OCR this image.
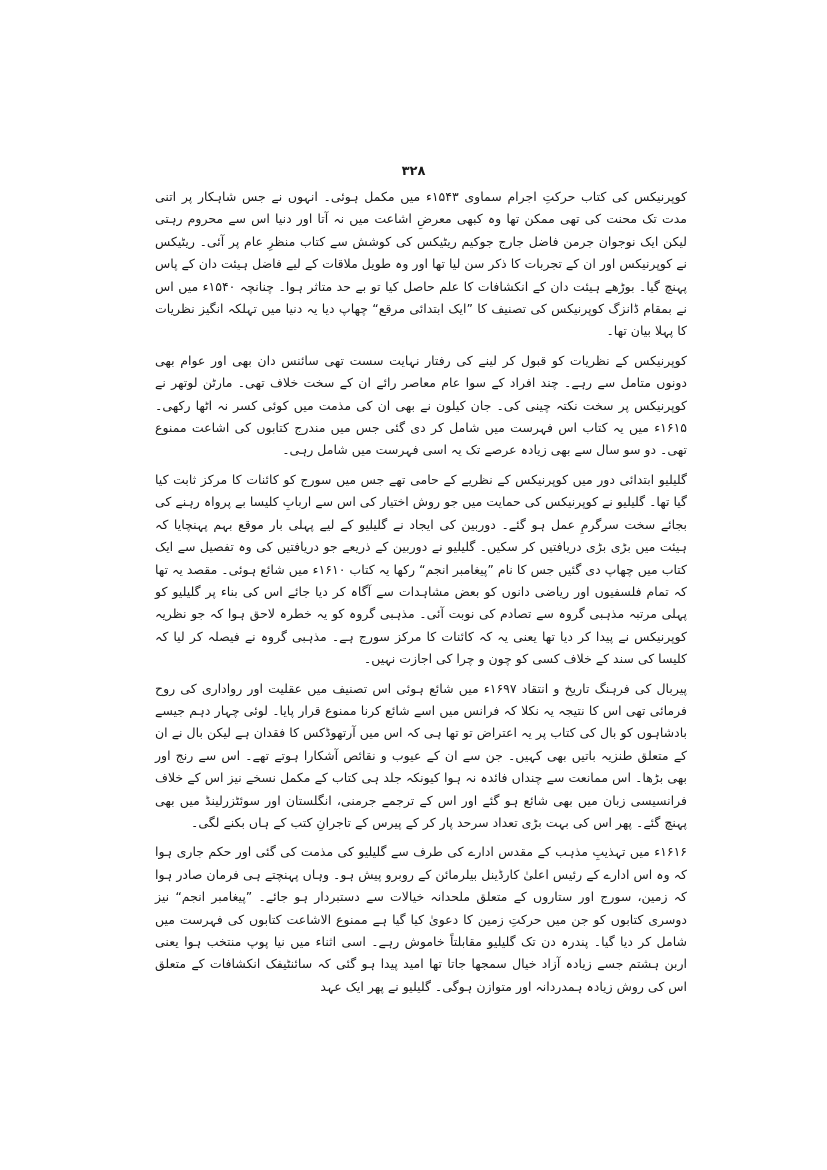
۳۲۸

کوپرنیکس کی کتاب حرکتِ اجرام سماوی ۱۵۴۳ء میں مکمل ہوئی۔ انہوں نے جس شاہکار پر اتنی مدت تک محنت کی تھی ممکن تھا وہ کبھی معرضِ اشاعت میں نہ آتا اور دنیا اس سے محروم رہتی لیکن ایک نوجوان جرمن فاضل جارج جوکیم ریٹیکس کی کوشش سے کتاب منظرِ عام پر آئی۔ ریٹیکس نے کوپرنیکس اور ان کے تجربات کا ذکر سن لیا تھا اور وہ طویل ملاقات کے لیے فاضل ہیئت دان کے پاس پہنچ گیا۔ بوڑھے ہیئت دان کے انکشافات کا علم حاصل کیا تو بے حد متاثر ہوا۔ چنانچہ ۱۵۴۰ء میں اس نے بمقام ڈانزگ کوپرنیکس کی تصنیف کا ”ایک ابتدائی مرقع“ چھاپ دیا یہ دنیا میں تہلکہ انگیز نظریات کا پہلا بیان تھا۔

کوپرنیکس کے نظریات کو قبول کر لینے کی رفتار نہایت سست تھی سائنس دان بھی اور عوام بھی دونوں متامل سے رہے۔ چند افراد کے سوا عام معاصر رائے ان کے سخت خلاف تھی۔ مارٹن لوتھر نے کوپرنیکس پر سخت نکتہ چینی کی۔ جان کیلون نے بھی ان کی مذمت میں کوئی کسر نہ اٹھا رکھی۔ ۱۶۱۵ء میں یہ کتاب اس فہرست میں شامل کر دی گئی جس میں مندرج کتابوں کی اشاعت ممنوع تھی۔ دو سو سال سے بھی زیادہ عرصے تک یہ اسی فہرست میں شامل رہی۔

گلیلیو ابتدائی دور میں کوپرنیکس کے نظریے کے حامی تھے جس میں سورج کو کائنات کا مرکز ثابت کیا گیا تھا۔ گلیلیو نے کوپرنیکس کی حمایت میں جو روش اختیار کی اس سے اربابِ کلیسا بے پرواہ رہنے کی بجائے سخت سرگرمِ عمل ہو گئے۔ دوربین کی ایجاد نے گلیلیو کے لیے پہلی بار موقع بہم پہنچایا کہ ہیئت میں بڑی بڑی دریافتیں کر سکیں۔ گلیلیو نے دوربین کے ذریعے جو دریافتیں کی وہ تفصیل سے ایک کتاب میں چھاپ دی گئیں جس کا نام ”پیغامبر انجم“ رکھا یہ کتاب ۱۶۱۰ء میں شائع ہوئی۔ مقصد یہ تھا کہ تمام فلسفیوں اور ریاضی دانوں کو بعض مشاہدات سے آگاہ کر دیا جائے اس کی بناء پر گلیلیو کو پہلی مرتبہ مذہبی گروہ سے تصادم کی نوبت آئی۔ مذہبی گروہ کو یہ خطرہ لاحق ہوا کہ جو نظریہ کوپرنیکس نے پیدا کر دیا تھا یعنی یہ کہ کائنات کا مرکز سورج ہے۔ مذہبی گروہ نے فیصلہ کر لیا کہ کلیسا کی سند کے خلاف کسی کو چون و چرا کی اجازت نہیں۔

پیربال کی فرہنگ تاریخ و انتقاد ۱۶۹۷ء میں شائع ہوئی اس تصنیف میں عقلیت اور رواداری کی روح فرمائی تھی اس کا نتیجہ یہ نکلا کہ فرانس میں اسے شائع کرنا ممنوع قرار پایا۔ لوئی چہار دہم جیسے بادشاہوں کو بال کی کتاب پر یہ اعتراض تو تھا ہی کہ اس میں آرتھوڈکس کا فقدان ہے لیکن بال نے ان کے متعلق طنزیہ باتیں بھی کہیں۔ جن سے ان کے عیوب و نقائص آشکارا ہوتے تھے۔ اس سے رنج اور بھی بڑھا۔ اس ممانعت سے چنداں فائدہ نہ ہوا کیونکہ جلد ہی کتاب کے مکمل نسخے نیز اس کے خلاف فرانسیسی زبان میں بھی شائع ہو گئے اور اس کے ترجمے جرمنی، انگلستان اور سوئٹزرلینڈ میں بھی پہنچ گئے۔ پھر اس کی بہت بڑی تعداد سرحد پار کر کے پیرس کے تاجرانِ کتب کے ہاں بکنے لگی۔

۱۶۱۶ء میں تہذیبِ مذہب کے مقدس ادارے کی طرف سے گلیلیو کی مذمت کی گئی اور حکم جاری ہوا کہ وہ اس ادارے کے رئیس اعلیٰ کارڈینل بیلرمائن کے روبرو پیش ہو۔ وہاں پہنچتے ہی فرمان صادر ہوا کہ زمین، سورج اور ستاروں کے متعلق ملحدانہ خیالات سے دستبردار ہو جائے۔ ”پیغامبر انجم“ نیز دوسری کتابوں کو جن میں حرکتِ زمین کا دعویٰ کیا گیا ہے ممنوع الاشاعت کتابوں کی فہرست میں شامل کر دیا گیا۔ پندرہ دن تک گلیلیو مقابلتاً خاموش رہے۔ اسی اثناء میں نیا پوپ منتخب ہوا یعنی اربن ہشتم جسے زیادہ آزاد خیال سمجھا جاتا تھا امید پیدا ہو گئی کہ سائنٹیفک انکشافات کے متعلق اس کی روش زیادہ ہمدردانہ اور متوازن ہوگی۔ گلیلیو نے پھر ایک عہد
